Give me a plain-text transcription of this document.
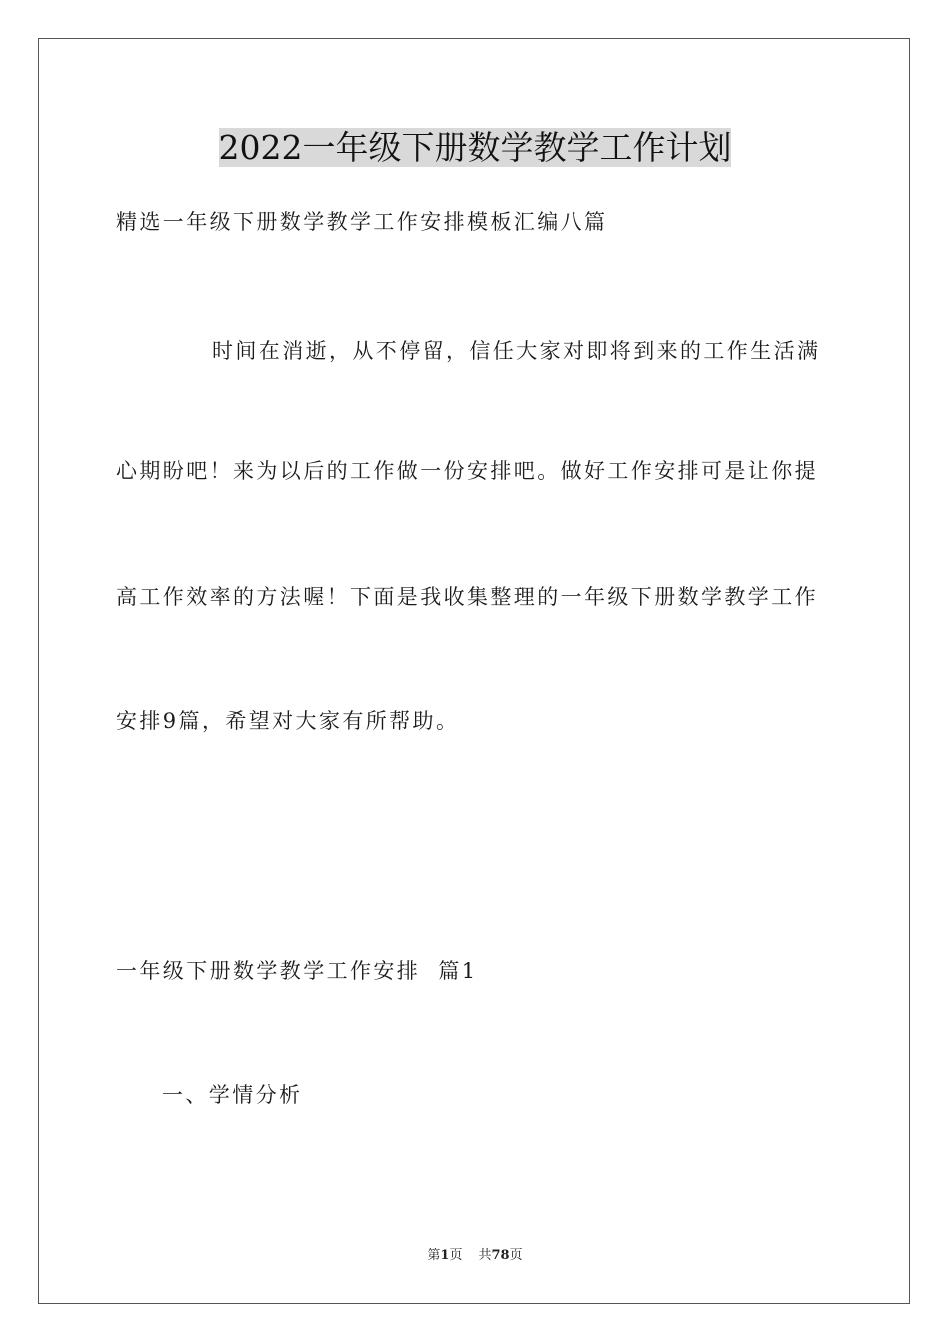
2022一年级下册数学教学工作计划
精选一年级下册数学教学工作安排模板汇编八篇
时间在消逝，从不停留，信任大家对即将到来的工作生活满
心期盼吧！来为以后的工作做一份安排吧。做好工作安排可是让你提
高工作效率的方法喔！下面是我收集整理的一年级下册数学教学工作
安排9篇，希望对大家有所帮助。
一年级下册数学教学工作安排  篇1
一、学情分析
第1页 共78页
